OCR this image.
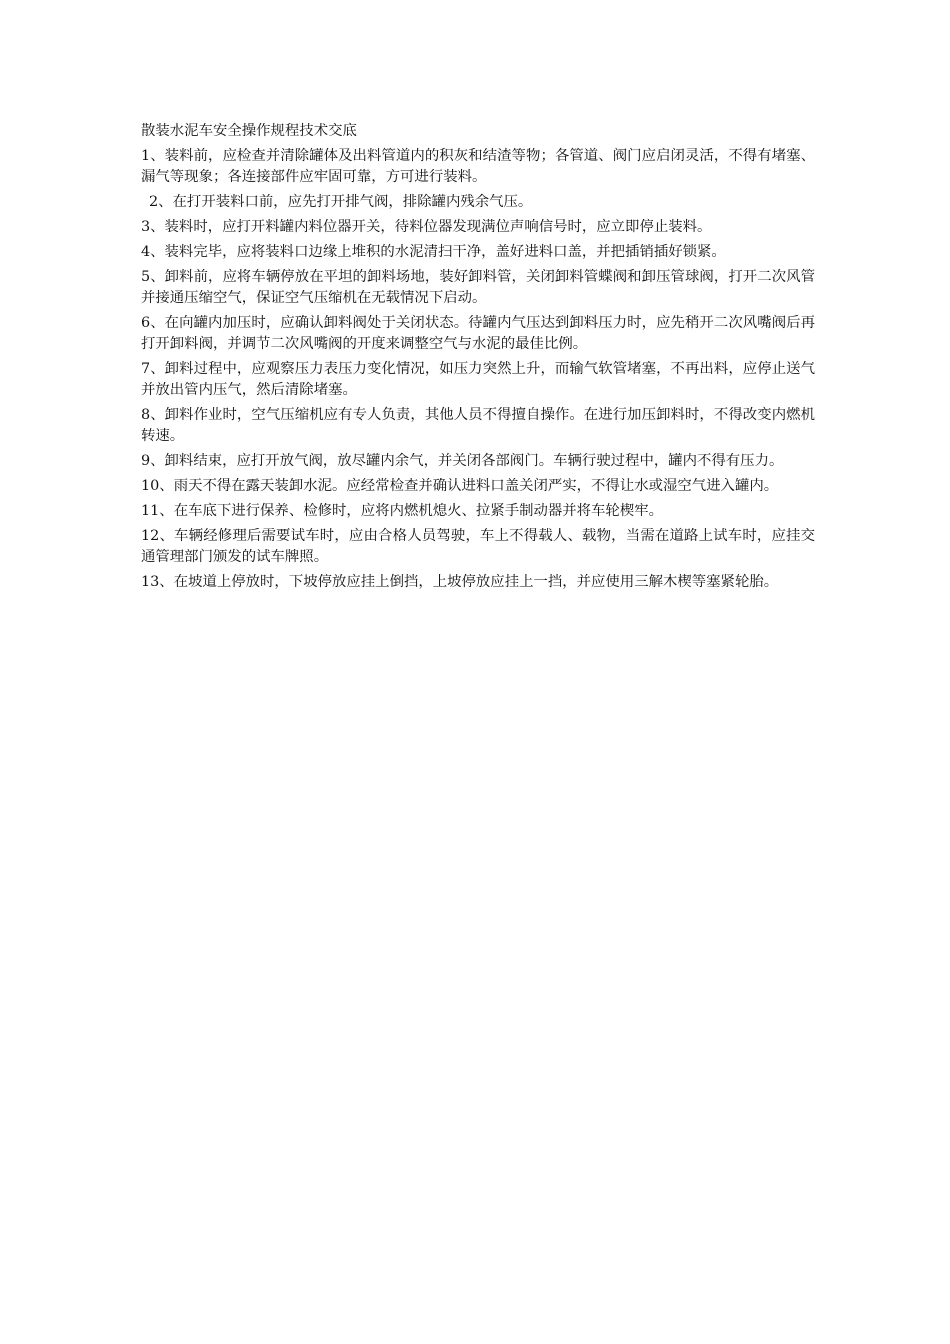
散装水泥车安全操作规程技术交底

1、装料前，应检查并清除罐体及出料管道内的积灰和结渣等物；各管道、阀门应启闭灵活，不得有堵塞、漏气等现象；各连接部件应牢固可靠，方可进行装料。

2、在打开装料口前，应先打开排气阀，排除罐内残余气压。

3、装料时，应打开料罐内料位器开关，待料位器发现满位声响信号时，应立即停止装料。

4、装料完毕，应将装料口边缘上堆积的水泥清扫干净，盖好进料口盖，并把插销插好锁紧。

5、卸料前，应将车辆停放在平坦的卸料场地，装好卸料管，关闭卸料管蝶阀和卸压管球阀，打开二次风管并接通压缩空气，保证空气压缩机在无载情况下启动。

6、在向罐内加压时，应确认卸料阀处于关闭状态。待罐内气压达到卸料压力时，应先稍开二次风嘴阀后再打开卸料阀，并调节二次风嘴阀的开度来调整空气与水泥的最佳比例。

7、卸料过程中，应观察压力表压力变化情况，如压力突然上升，而输气软管堵塞，不再出料，应停止送气并放出管内压气，然后清除堵塞。

8、卸料作业时，空气压缩机应有专人负责，其他人员不得擅自操作。在进行加压卸料时，不得改变内燃机转速。

9、卸料结束，应打开放气阀，放尽罐内余气，并关闭各部阀门。车辆行驶过程中，罐内不得有压力。

10、雨天不得在露天装卸水泥。应经常检查并确认进料口盖关闭严实，不得让水或湿空气进入罐内。

11、在车底下进行保养、检修时，应将内燃机熄火、拉紧手制动器并将车轮楔牢。

12、车辆经修理后需要试车时，应由合格人员驾驶，车上不得载人、载物，当需在道路上试车时，应挂交通管理部门颁发的试车牌照。

13、在坡道上停放时，下坡停放应挂上倒挡，上坡停放应挂上一挡，并应使用三解木楔等塞紧轮胎。
